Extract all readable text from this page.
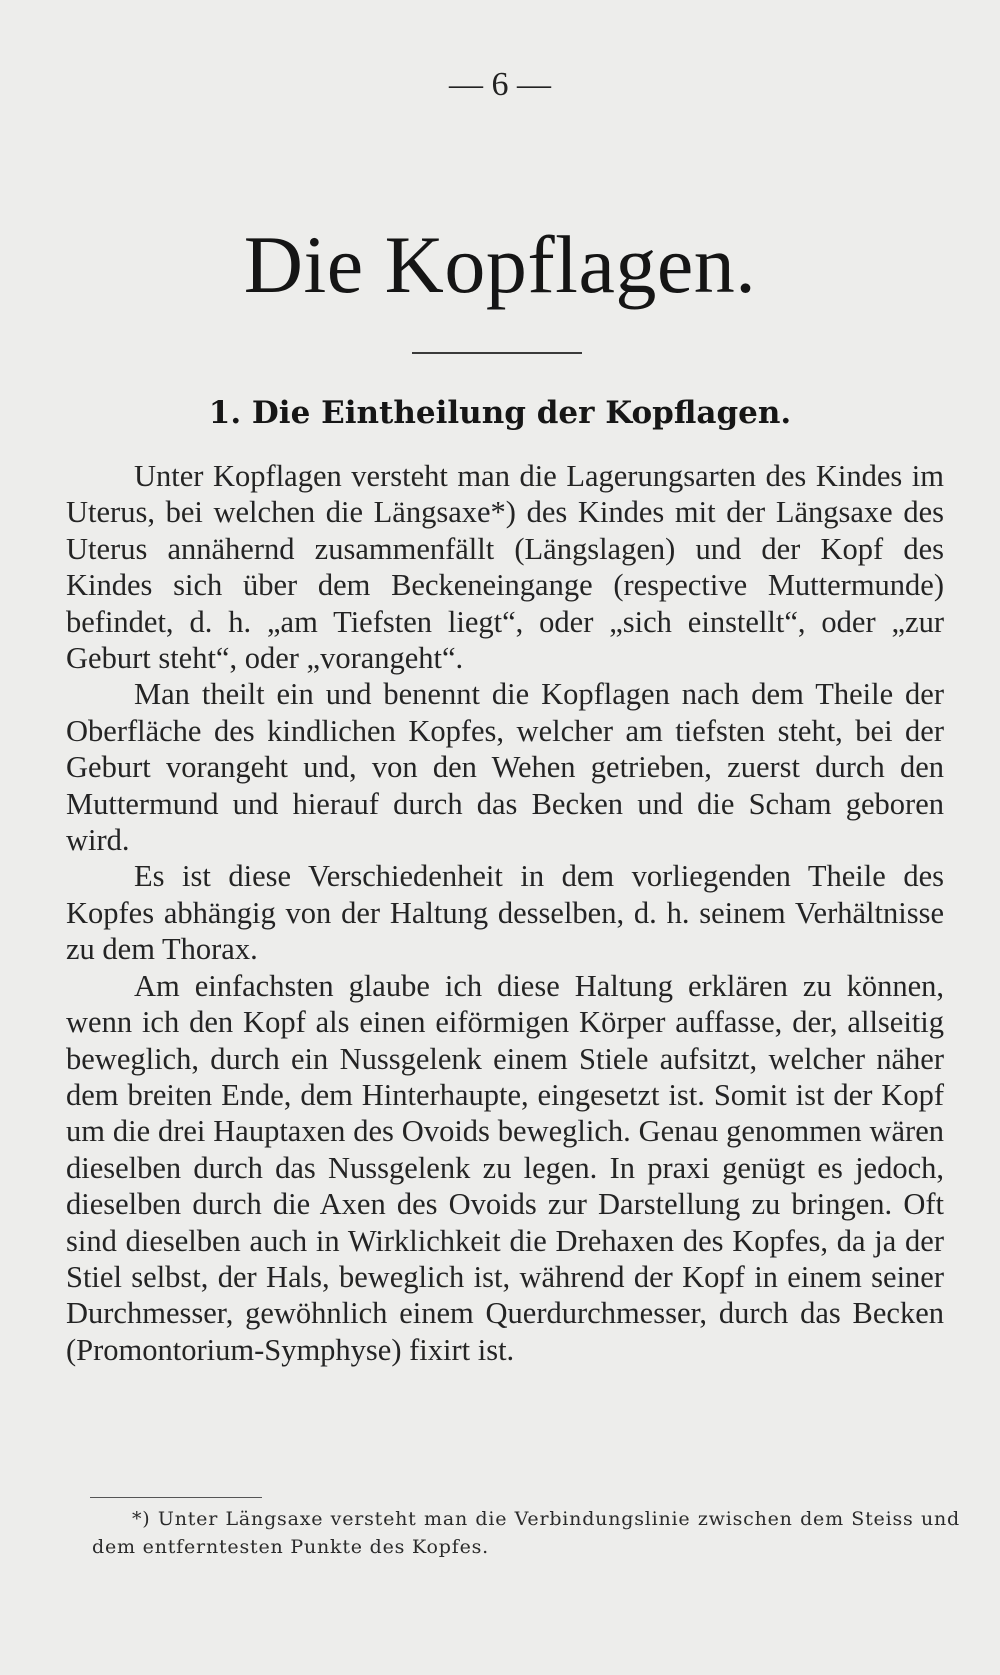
— 6 —
Die Kopflagen.
1. Die Eintheilung der Kopflagen.

Unter Kopflagen versteht man die Lagerungsarten des Kindes im Uterus, bei welchen die Längsaxe*) des Kindes mit der Längsaxe des Uterus annähernd zusammenfällt (Längslagen) und der Kopf des Kindes sich über dem Beckeneingange (respective Muttermunde) befindet, d. h. „am Tiefsten liegt“, oder „sich einstellt“, oder „zur Geburt steht“, oder „vorangeht“.

Man theilt ein und benennt die Kopflagen nach dem Theile der Oberfläche des kindlichen Kopfes, welcher am tiefsten steht, bei der Geburt vorangeht und, von den Wehen getrieben, zuerst durch den Muttermund und hierauf durch das Becken und die Scham geboren wird.

Es ist diese Verschiedenheit in dem vorliegenden Theile des Kopfes abhängig von der Haltung desselben, d. h. seinem Verhältnisse zu dem Thorax.

Am einfachsten glaube ich diese Haltung erklären zu können, wenn ich den Kopf als einen eiförmigen Körper auffasse, der, allseitig beweglich, durch ein Nussgelenk einem Stiele aufsitzt, welcher näher dem breiten Ende, dem Hinterhaupte, eingesetzt ist. Somit ist der Kopf um die drei Hauptaxen des Ovoids beweglich. Genau genommen wären dieselben durch das Nussgelenk zu legen. In praxi genügt es jedoch, dieselben durch die Axen des Ovoids zur Darstellung zu bringen. Oft sind dieselben auch in Wirklichkeit die Drehaxen des Kopfes, da ja der Stiel selbst, der Hals, beweglich ist, während der Kopf in einem seiner Durchmesser, gewöhnlich einem Querdurchmesser, durch das Becken (Promontorium-Symphyse) fixirt ist.

*) Unter Längsaxe versteht man die Verbindungslinie zwischen dem Steiss und dem entferntesten Punkte des Kopfes.
